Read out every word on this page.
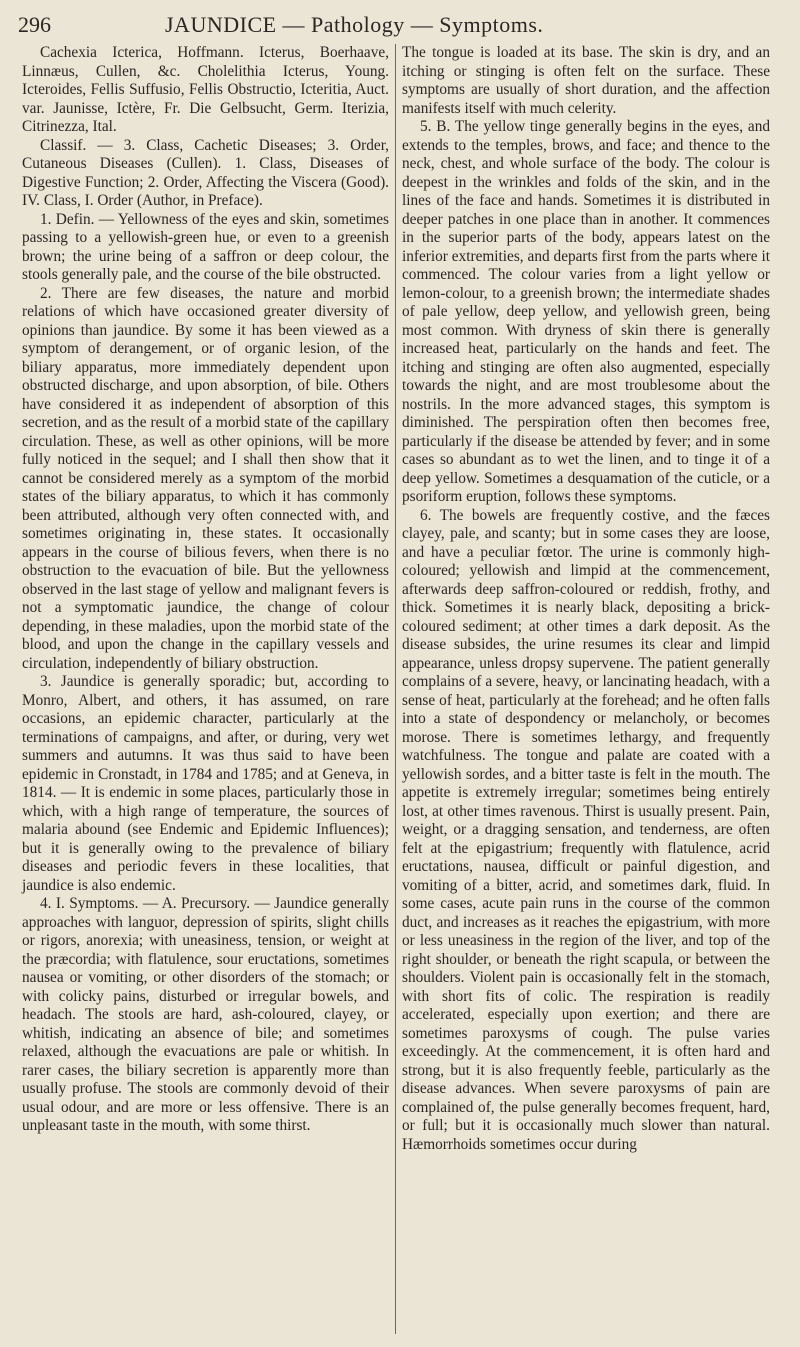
296	JAUNDICE — Pathology — Symptoms.

Cachexia Icterica, Hoffmann. Icterus, Boerhaave, Linnæus, Cullen, &c. Cholelithia Icterus, Young. Icteroides, Fellis Suffusio, Fellis Obstructio, Icteritia, Auct. var. Jaunisse, Ictère, Fr. Die Gelbsucht, Germ. Iterizia, Citrinezza, Ital.

Classif. — 3. Class, Cachetic Diseases; 3. Order, Cutaneous Diseases (Cullen). 1. Class, Diseases of Digestive Function; 2. Order, Affecting the Viscera (Good). IV. Class, I. Order (Author, in Preface).

1. Defin. — Yellowness of the eyes and skin, sometimes passing to a yellowish-green hue, or even to a greenish brown; the urine being of a saffron or deep colour, the stools generally pale, and the course of the bile obstructed.

2. There are few diseases, the nature and morbid relations of which have occasioned greater diversity of opinions than jaundice. By some it has been viewed as a symptom of derangement, or of organic lesion, of the biliary apparatus, more immediately dependent upon obstructed discharge, and upon absorption, of bile. Others have considered it as independent of absorption of this secretion, and as the result of a morbid state of the capillary circulation. These, as well as other opinions, will be more fully noticed in the sequel; and I shall then show that it cannot be considered merely as a symptom of the morbid states of the biliary apparatus, to which it has commonly been attributed, although very often connected with, and sometimes originating in, these states. It occasionally appears in the course of bilious fevers, when there is no obstruction to the evacuation of bile. But the yellowness observed in the last stage of yellow and malignant fevers is not a symptomatic jaundice, the change of colour depending, in these maladies, upon the morbid state of the blood, and upon the change in the capillary vessels and circulation, independently of biliary obstruction.

3. Jaundice is generally sporadic; but, according to Monro, Albert, and others, it has assumed, on rare occasions, an epidemic character, particularly at the terminations of campaigns, and after, or during, very wet summers and autumns. It was thus said to have been epidemic in Cronstadt, in 1784 and 1785; and at Geneva, in 1814. — It is endemic in some places, particularly those in which, with a high range of temperature, the sources of malaria abound (see Endemic and Epidemic Influences); but it is generally owing to the prevalence of biliary diseases and periodic fevers in these localities, that jaundice is also endemic.

4. I. Symptoms. — A. Precursory. — Jaundice generally approaches with languor, depression of spirits, slight chills or rigors, anorexia; with uneasiness, tension, or weight at the præcordia; with flatulence, sour eructations, sometimes nausea or vomiting, or other disorders of the stomach; or with colicky pains, disturbed or irregular bowels, and headach. The stools are hard, ash-coloured, clayey, or whitish, indicating an absence of bile; and sometimes relaxed, although the evacuations are pale or whitish. In rarer cases, the biliary secretion is apparently more than usually profuse. The stools are commonly devoid of their usual odour, and are more or less offensive. There is an unpleasant taste in the mouth, with some thirst.

The tongue is loaded at its base. The skin is dry, and an itching or stinging is often felt on the surface. These symptoms are usually of short duration, and the affection manifests itself with much celerity.

5. B. The yellow tinge generally begins in the eyes, and extends to the temples, brows, and face; and thence to the neck, chest, and whole surface of the body. The colour is deepest in the wrinkles and folds of the skin, and in the lines of the face and hands. Sometimes it is distributed in deeper patches in one place than in another. It commences in the superior parts of the body, appears latest on the inferior extremities, and departs first from the parts where it commenced. The colour varies from a light yellow or lemon-colour, to a greenish brown; the intermediate shades of pale yellow, deep yellow, and yellowish green, being most common. With dryness of skin there is generally increased heat, particularly on the hands and feet. The itching and stinging are often also augmented, especially towards the night, and are most troublesome about the nostrils. In the more advanced stages, this symptom is diminished. The perspiration often then becomes free, particularly if the disease be attended by fever; and in some cases so abundant as to wet the linen, and to tinge it of a deep yellow. Sometimes a desquamation of the cuticle, or a psoriform eruption, follows these symptoms.

6. The bowels are frequently costive, and the fæces clayey, pale, and scanty; but in some cases they are loose, and have a peculiar fœtor. The urine is commonly high-coloured; yellowish and limpid at the commencement, afterwards deep saffron-coloured or reddish, frothy, and thick. Sometimes it is nearly black, depositing a brick-coloured sediment; at other times a dark deposit. As the disease subsides, the urine resumes its clear and limpid appearance, unless dropsy supervene. The patient generally complains of a severe, heavy, or lancinating headach, with a sense of heat, particularly at the forehead; and he often falls into a state of despondency or melancholy, or becomes morose. There is sometimes lethargy, and frequently watchfulness. The tongue and palate are coated with a yellowish sordes, and a bitter taste is felt in the mouth. The appetite is extremely irregular; sometimes being entirely lost, at other times ravenous. Thirst is usually present. Pain, weight, or a dragging sensation, and tenderness, are often felt at the epigastrium; frequently with flatulence, acrid eructations, nausea, difficult or painful digestion, and vomiting of a bitter, acrid, and sometimes dark, fluid. In some cases, acute pain runs in the course of the common duct, and increases as it reaches the epigastrium, with more or less uneasiness in the region of the liver, and top of the right shoulder, or beneath the right scapula, or between the shoulders. Violent pain is occasionally felt in the stomach, with short fits of colic. The respiration is readily accelerated, especially upon exertion; and there are sometimes paroxysms of cough. The pulse varies exceedingly. At the commencement, it is often hard and strong, but it is also frequently feeble, particularly as the disease advances. When severe paroxysms of pain are complained of, the pulse generally becomes frequent, hard, or full; but it is occasionally much slower than natural. Hæmorrhoids sometimes occur during
